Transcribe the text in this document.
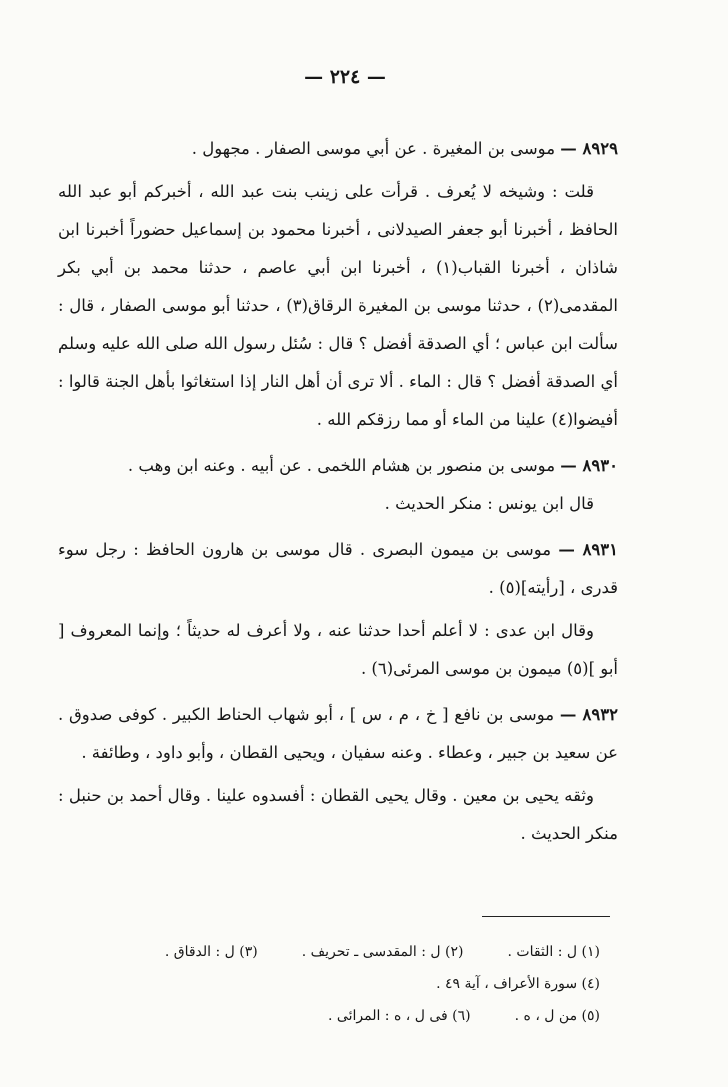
— ٢٢٤ —

٨٩٢٩ — موسى بن المغيرة . عن أبي موسى الصفار . مجهول .

قلت : وشيخه لا يُعرف . قرأت على زينب بنت عبد الله ، أخبركم أبو عبد الله الحافظ ، أخبرنا أبو جعفر الصيدلانى ، أخبرنا محمود بن إسماعيل حضوراً أخبرنا ابن شاذان ، أخبرنا القباب(١) ، أخبرنا ابن أبي عاصم ، حدثنا محمد بن أبي بكر المقدمى(٢) ، حدثنا موسى بن المغيرة الرقاق(٣) ، حدثنا أبو موسى الصفار ، قال : سألت ابن عباس ؛ أي الصدقة أفضل ؟ قال : سُئل رسول الله صلى الله عليه وسلم أي الصدقة أفضل ؟ قال : الماء . ألا ترى أن أهل النار إذا استغاثوا بأهل الجنة قالوا : أفيضوا(٤) علينا من الماء أو مما رزقكم الله .

٨٩٣٠ — موسى بن منصور بن هشام اللخمى . عن أبيه . وعنه ابن وهب .

قال ابن يونس : منكر الحديث .

٨٩٣١ — موسى بن ميمون البصرى . قال موسى بن هارون الحافظ : رجل سوء قدرى ، [رأيته](٥) .

وقال ابن عدى : لا أعلم أحدا حدثنا عنه ، ولا أعرف له حديثاً ؛ وإنما المعروف [ أبو ](٥) ميمون بن موسى المرئى(٦) .

٨٩٣٢ — موسى بن نافع [ خ ، م ، س ] ، أبو شهاب الحناط الكبير . كوفى صدوق . عن سعيد بن جبير ، وعطاء . وعنه سفيان ، ويحيى القطان ، وأبو داود ، وطائفة .

وثقه يحيى بن معين . وقال يحيى القطان : أفسدوه علينا . وقال أحمد بن حنبل : منكر الحديث .

(١) ل : الثقات .
(٢) ل : المقدسى ـ تحريف .
(٣) ل : الدقاق .
(٤) سورة الأعراف ، آية ٤٩ .
(٥) من ل ، ه .
(٦) فى ل ، ه : المرائى .
